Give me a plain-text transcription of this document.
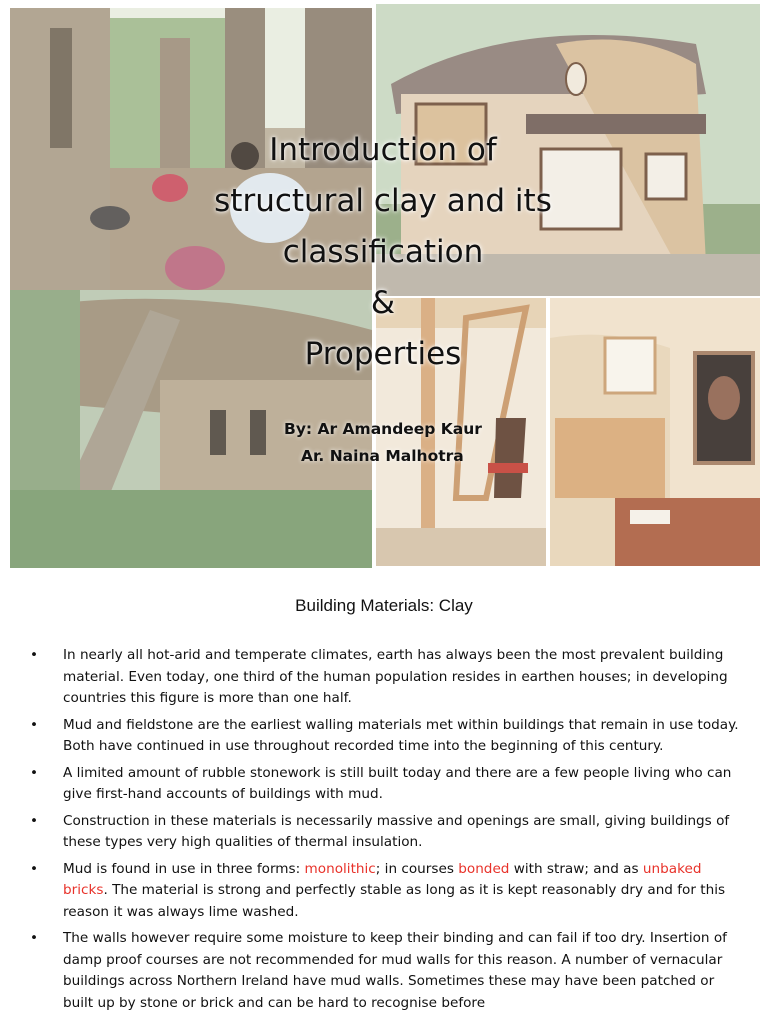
Introduction of
structural clay and its
classification
&
Properties
By: Ar Amandeep Kaur
Ar. Naina Malhotra
Building Materials: Clay
• In nearly all hot-arid and temperate climates, earth has always been the most prevalent building material. Even today, one third of the human population resides in earthen houses; in developing countries this figure is more than one half.
• Mud and fieldstone are the earliest walling materials met within buildings that remain in use today. Both have continued in use throughout recorded time into the beginning of this century.
• A limited amount of rubble stonework is still built today and there are a few people living who can give first-hand accounts of buildings with mud.
• Construction in these materials is necessarily massive and openings are small, giving buildings of these types very high qualities of thermal insulation.
• Mud is found in use in three forms: monolithic; in courses bonded with straw; and as unbaked bricks. The material is strong and perfectly stable as long as it is kept reasonably dry and for this reason it was always lime washed.
• The walls however require some moisture to keep their binding and can fail if too dry. Insertion of damp proof courses are not recommended for mud walls for this reason. A number of vernacular buildings across Northern Ireland have mud walls. Sometimes these may have been patched or built up by stone or brick and can be hard to recognise before
